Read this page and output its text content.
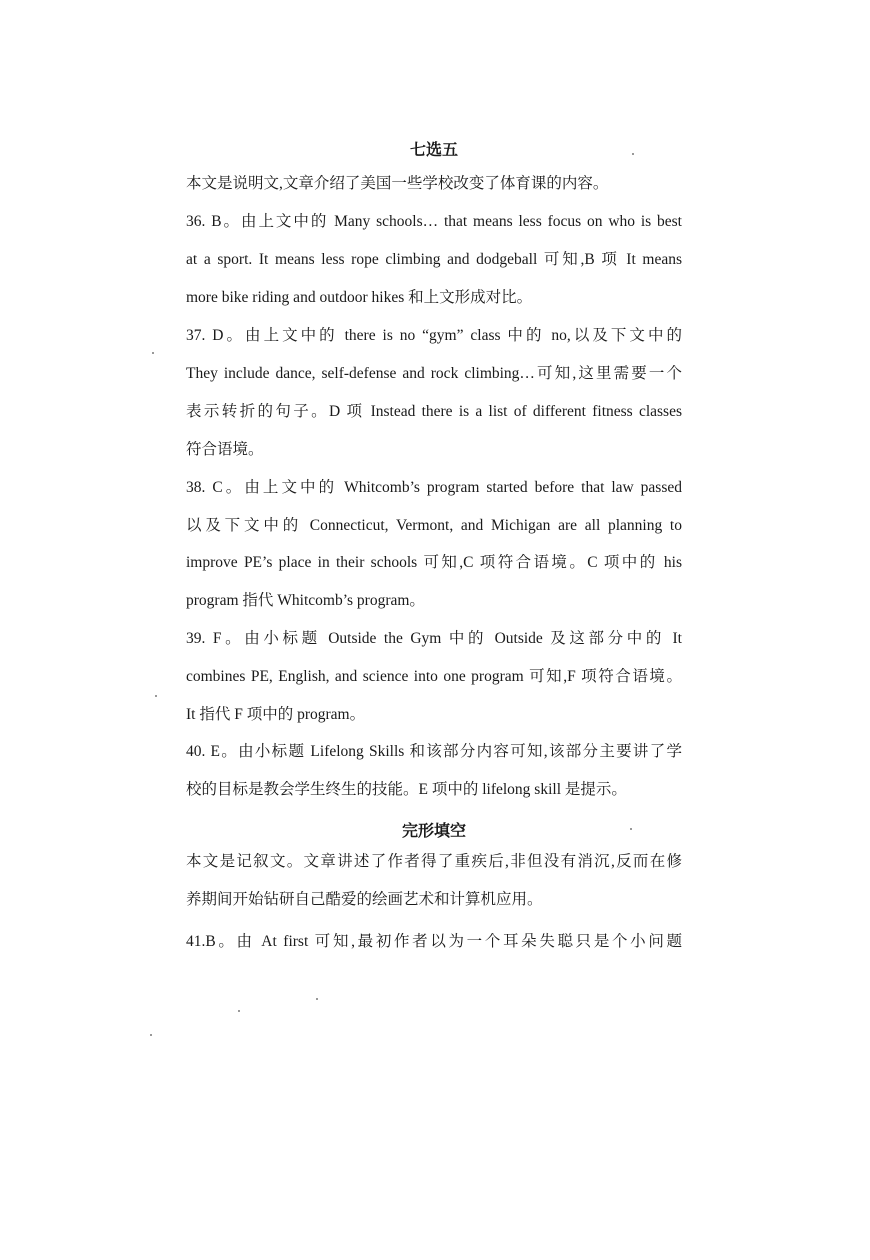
七选五
本文是说明文,文章介绍了美国一些学校改变了体育课的内容。
36. B。由上文中的 Many schools… that means less focus on who is best
at a sport. It means less rope climbing and dodgeball 可知,B 项 It means
more bike riding and outdoor hikes 和上文形成对比。
37. D。由上文中的 there is no “gym” class 中的 no,以及下文中的
They include dance, self-defense and rock climbing…可知,这里需要一个
表示转折的句子。D 项 Instead there is a list of different fitness classes
符合语境。
38. C。由上文中的 Whitcomb’s program started before that law passed
以及下文中的 Connecticut, Vermont, and Michigan are all planning to
improve PE’s place in their schools 可知,C 项符合语境。C 项中的 his
program 指代 Whitcomb’s program。
39. F。由小标题 Outside the Gym 中的 Outside 及这部分中的 It
combines PE, English, and science into one program 可知,F 项符合语境。
It 指代 F 项中的 program。
40. E。由小标题 Lifelong Skills 和该部分内容可知,该部分主要讲了学
校的目标是教会学生终生的技能。E 项中的 lifelong skill 是提示。
完形填空
本文是记叙文。文章讲述了作者得了重疾后,非但没有消沉,反而在修
养期间开始钻研自己酷爱的绘画艺术和计算机应用。
41.B。由 At first 可知,最初作者以为一个耳朵失聪只是个小问题
